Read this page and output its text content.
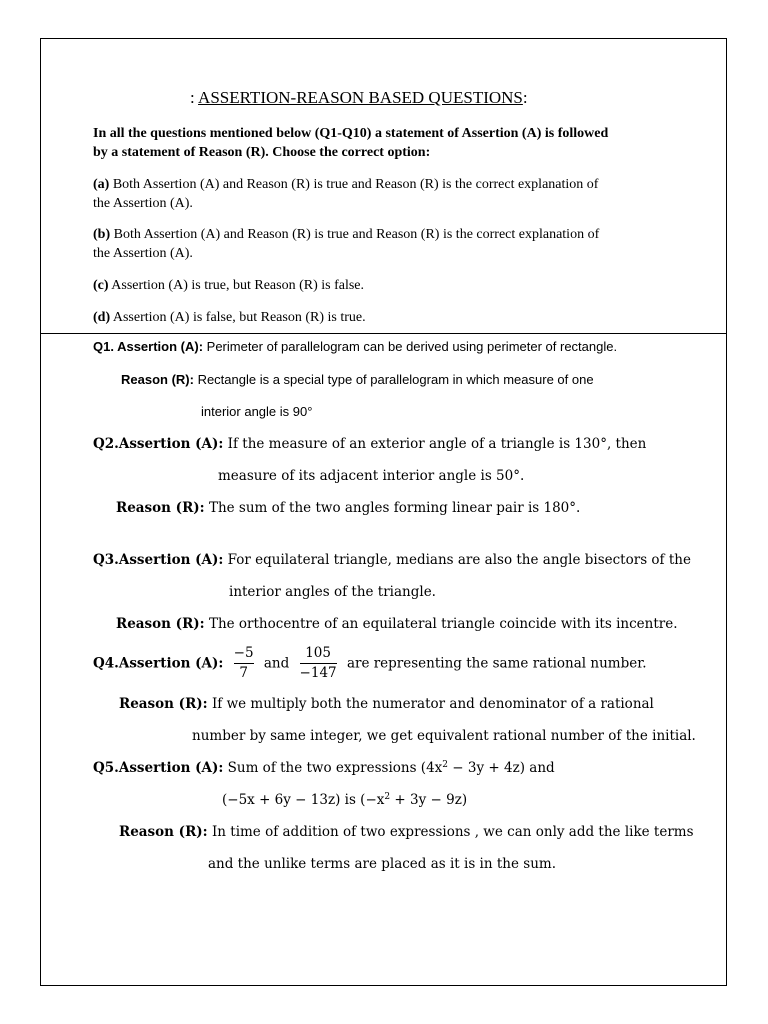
: ASSERTION-REASON BASED QUESTIONS:
In all the questions mentioned below (Q1-Q10) a statement of Assertion (A) is followed
by a statement of Reason (R). Choose the correct option:
(a) Both Assertion (A) and Reason (R) is true and Reason (R) is the correct explanation of
the Assertion (A).
(b) Both Assertion (A) and Reason (R) is true and Reason (R) is the correct explanation of
the Assertion (A).
(c) Assertion (A) is true, but Reason (R) is false.
(d) Assertion (A) is false, but Reason (R) is true.
Q1. Assertion (A): Perimeter of parallelogram can be derived using perimeter of rectangle.
Reason (R): Rectangle is a special type of parallelogram in which measure of one
interior angle is 90°
Q2.Assertion (A): If the measure of an exterior angle of a triangle is 130°, then
measure of its adjacent interior angle is 50°.
Reason (R): The sum of the two angles forming linear pair is 180°.
Q3.Assertion (A): For equilateral triangle, medians are also the angle bisectors of the
interior angles of the triangle.
Reason (R): The orthocentre of an equilateral triangle coincide with its incentre.
Q4.Assertion (A): $\frac{-5}{7}$ and $\frac{105}{-147}$ are representing the same rational number.
Reason (R): If we multiply both the numerator and denominator of a rational
number by same integer, we get equivalent rational number of the initial.
Q5.Assertion (A): Sum of the two expressions $(4x^2 - 3y + 4z)$ and
(−5x + 6y − 13z) is $(-x^2 + 3y - 9z)$
Reason (R): In time of addition of two expressions , we can only add the like terms
and the unlike terms are placed as it is in the sum.
